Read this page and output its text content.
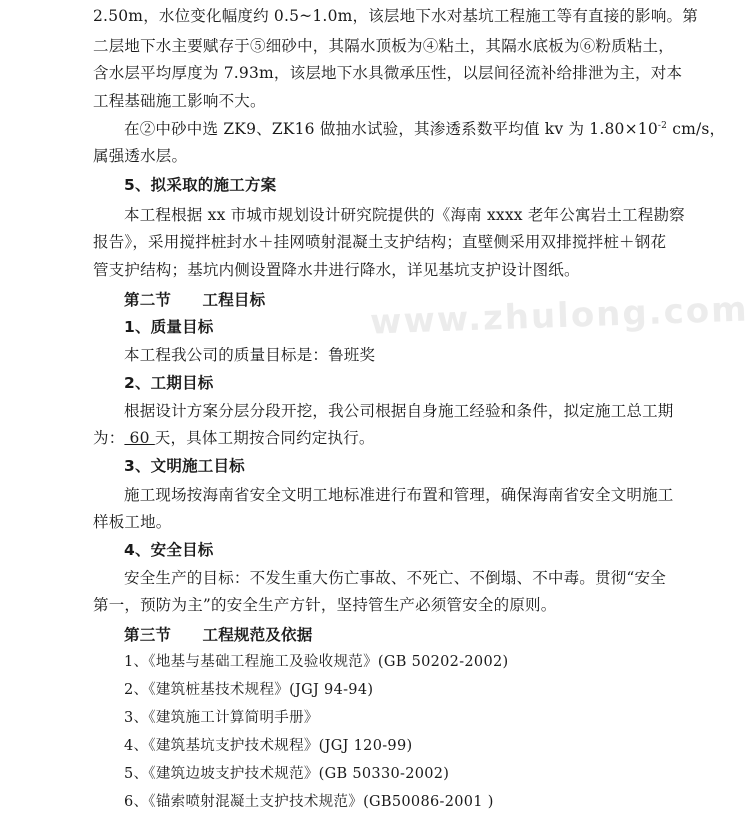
www.zhulong.com
2.50m，水位变化幅度约 0.5~1.0m，该层地下水对基坑工程施工等有直接的影响。第
二层地下水主要赋存于⑤细砂中，其隔水顶板为④粘土，其隔水底板为⑥粉质粘土，
含水层平均厚度为 7.93m，该层地下水具微承压性，以层间径流补给排泄为主，对本
工程基础施工影响不大。
在②中砂中选 ZK9、ZK16 做抽水试验，其渗透系数平均值 kv 为 $1.80\times 10^{-2}$ cm/s，
属强透水层。
5、拟采取的施工方案
本工程根据 xx 市城市规划设计研究院提供的《海南 xxxx 老年公寓岩土工程勘察
报告》，采用搅拌桩封水＋挂网喷射混凝土支护结构；直壁侧采用双排搅拌桩＋钢花
管支护结构；基坑内侧设置降水井进行降水，详见基坑支护设计图纸。
第二节　　工程目标
1、质量目标
本工程我公司的质量目标是：鲁班奖
2、工期目标
根据设计方案分层分段开挖，我公司根据自身施工经验和条件，拟定施工总工期
为： 60 天，具体工期按合同约定执行。
3、文明施工目标
施工现场按海南省安全文明工地标准进行布置和管理，确保海南省安全文明施工
样板工地。
4、安全目标
安全生产的目标：不发生重大伤亡事故、不死亡、不倒塌、不中毒。贯彻“安全
第一，预防为主”的安全生产方针，坚持管生产必须管安全的原则。
第三节　　工程规范及依据
1、《地基与基础工程施工及验收规范》(GB 50202-2002)
2、《建筑桩基技术规程》(JGJ 94-94)
3、《建筑施工计算简明手册》
4、《建筑基坑支护技术规程》(JGJ 120-99)
5、《建筑边坡支护技术规范》(GB 50330-2002)
6、《锚索喷射混凝土支护技术规范》(GB50086-2001 )
